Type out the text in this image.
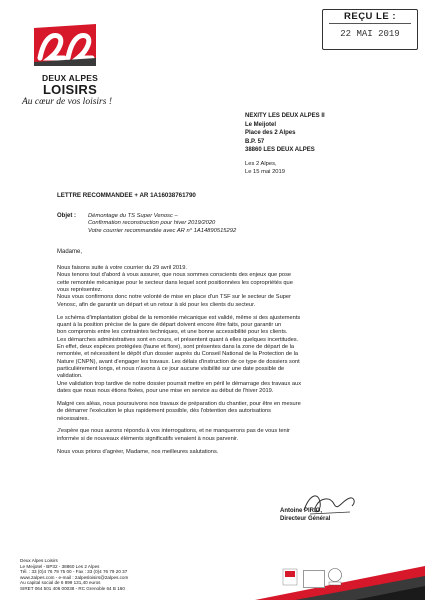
REÇU LE :
22 MAI 2019
DEUX ALPES
LOISIRS
Au cœur de vos loisirs !
NEXITY LES DEUX ALPES II
Le Meijotel
Place des 2 Alpes
B.P. 57
38860 LES DEUX ALPES
Les 2 Alpes,
Le 15 mai 2019
LETTRE RECOMMANDEE + AR 1A16038761790
Objet : Démontage du TS Super Venosc –
Confirmation reconstruction pour hiver 2019/2020
Votre courrier recommandée avec AR n° 1A14890515292
Madame,
Nous faisons suite à votre courrier du 29 avril 2019.
Nous tenons tout d'abord à vous assurer, que nous sommes conscients des enjeux que pose
cette remontée mécanique pour le secteur dans lequel sont positionnées les copropriétés que
vous représentez.
Nous vous confirmons donc notre volonté de mise en place d'un TSF sur le secteur de Super
Venosc, afin de garantir un départ et un retour à ski pour les clients du secteur.
Le schéma d'implantation global de la remontée mécanique est validé, même si des ajustements
quant à la position précise de la gare de départ doivent encore être faits, pour garantir un
bon compromis entre les contraintes techniques, et une bonne accessibilité pour les clients.
Les démarches administratives sont en cours, et présentent quant à elles quelques incertitudes.
En effet, deux espèces protégées (faune et flore), sont présentes dans la zone de départ de la
remontée, et nécessitent le dépôt d'un dossier auprès du Conseil National de la Protection de la
Nature (CNPN), avant d'engager les travaux. Les délais d'instruction de ce type de dossiers sont
particulièrement longs, et nous n'avons à ce jour aucune visibilité sur une date possible de
validation.
Une validation trop tardive de notre dossier pourrait mettre en péril le démarrage des travaux aux
dates que nous nous étions fixées, pour une mise en service au début de l'hiver 2019.
Malgré ces aléas, nous poursuivons nos travaux de préparation du chantier, pour être en mesure
de démarrer l'exécution le plus rapidement possible, dès l'obtention des autorisations
nécessaires.
J'espère que nous aurons répondu à vos interrogations, et ne manquerons pas de vous tenir
informée si de nouveaux éléments significatifs venaient à nous parvenir.
Nous vous prions d'agréer, Madame, nos meilleures salutations.
Antoine PIRIO,
Directeur Général
Deux Alpes Loisirs
Le Meijotel - BP32 - 38860 Les 2 Alpes
Tél. : 33 (0)4 76 79 75 00 - Fax : 33 (0)4 76 79 20 37
www.2alpes.com - e-mail : 2alpesloisirs@2alpes.com
Au capital social de 6 899 131,40 euros
SIRET 064 501 406 00038 - RC Grenoble 64 B 160
